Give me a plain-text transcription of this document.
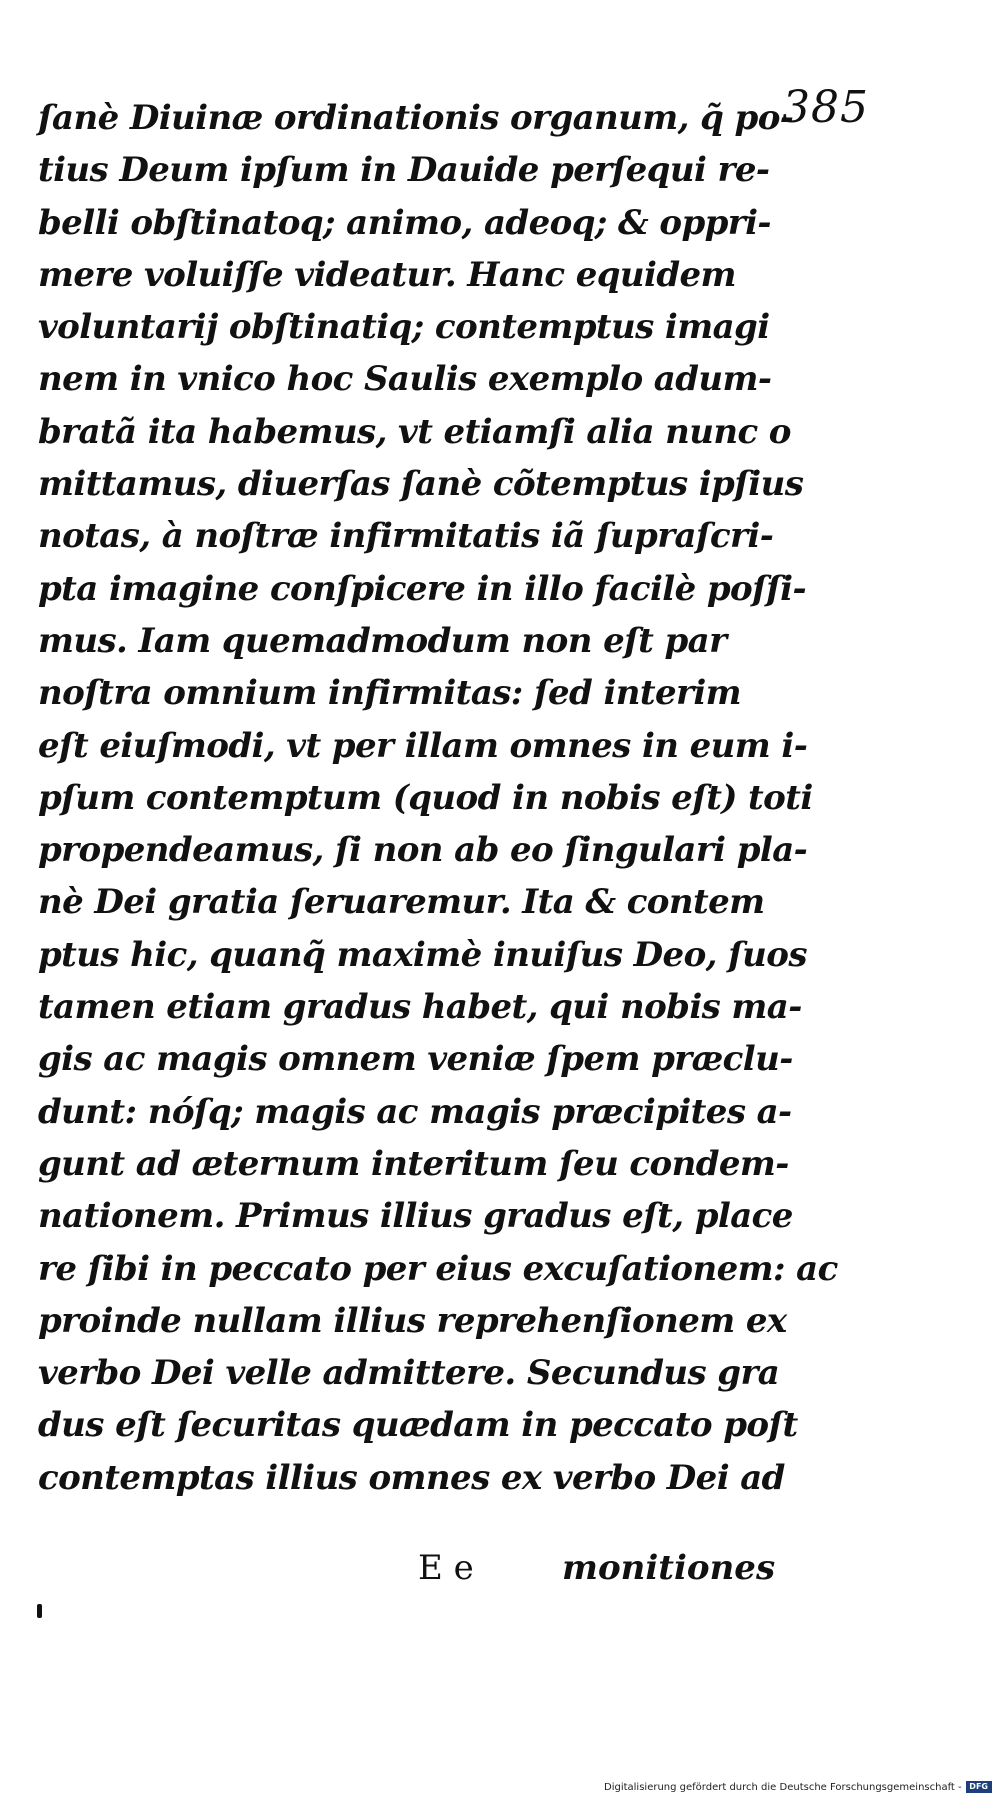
385
ſanè Diuinæ ordinationis organum, q̃ po-
tius Deum ipſum in Dauide perſequi re-
belli obſtinatoq; animo, adeoq; & oppri-
mere voluiſſe videatur. Hanc equidem
voluntarij obſtinatiq; contemptus imagi
nem in vnico hoc Saulis exemplo adum-
bratã ita habemus, vt etiamſi alia nunc o
mittamus, diuerſas ſanè cõtemptus ipſius
notas, à noſtræ infirmitatis iã ſupraſcri-
pta imagine conſpicere in illo facilè poſſi-
mus. Iam quemadmodum non eſt par
noſtra omnium infirmitas: ſed interim
eſt eiuſmodi, vt per illam omnes in eum i-
pſum contemptum (quod in nobis eſt) toti
propendeamus, ſi non ab eo ſingulari pla-
nè Dei gratia ſeruaremur. Ita & contem
ptus hic, quanq̃ maximè inuiſus Deo, ſuos
tamen etiam gradus habet, qui nobis ma-
gis ac magis omnem veniæ ſpem præclu-
dunt: nóſq; magis ac magis præcipites a-
gunt ad æternum interitum ſeu condem-
nationem. Primus illius gradus eſt, place
re ſibi in peccato per eius excuſationem: ac
proinde nullam illius reprehenſionem ex
verbo Dei velle admittere. Secundus gra
dus eſt ſecuritas quædam in peccato poſt
contemptas illius omnes ex verbo Dei ad
E e	monitiones
Digitalisierung gefördert durch die Deutsche Forschungsgemeinschaft - DFG
